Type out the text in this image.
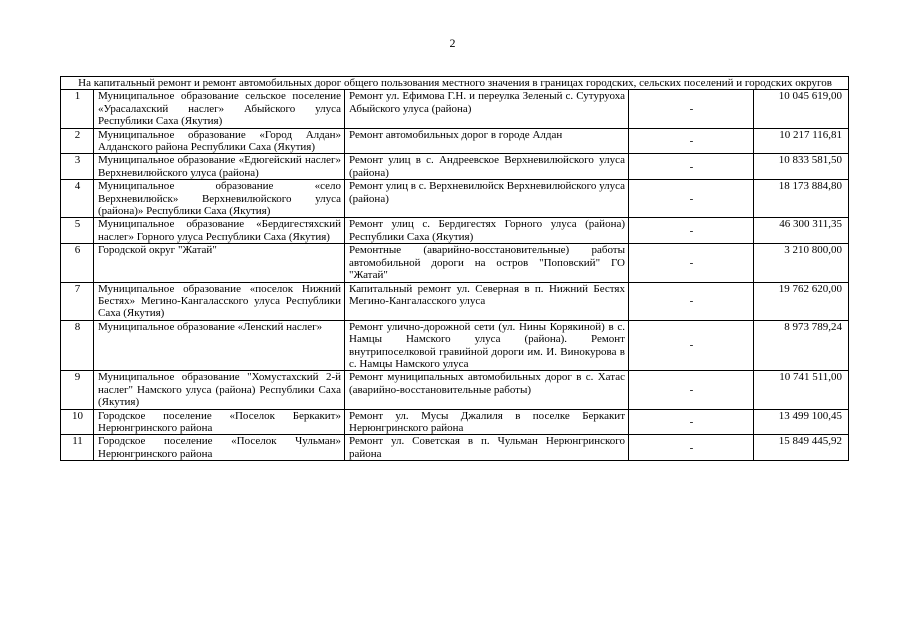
2
На капитальный ремонт и ремонт автомобильных дорог общего пользования местного значения в границах городских, сельских поселений и городских округов				
1	Муниципальное образование сельское поселение «Урасалахский наслег» Абыйского улуса Республики Саха (Якутия)	Ремонт ул. Ефимова Г.Н. и переулка Зеленый с. Сутуруоха Абыйского улуса (района)	-	10 045 619,00
2	Муниципальное образование «Город Алдан» Алданского района Республики Саха (Якутия)	Ремонт автомобильных дорог в городе Алдан	-	10 217 116,81
3	Муниципальное образование «Едюгейский наслег» Верхневилюйского улуса (района)	Ремонт улиц в с. Андреевское Верхневилюйского улуса (района)	-	10 833 581,50
4	Муниципальное образование «село Верхневилюйск» Верхневилюйского улуса (района)» Республики Саха (Якутия)	Ремонт улиц в с. Верхневилюйск Верхневилюйского улуса (района)	-	18 173 884,80
5	Муниципальное образование «Бердигестяхский наслег» Горного улуса Республики Саха (Якутия)	Ремонт улиц с. Бердигестях Горного улуса (района) Республики Саха (Якутия)	-	46 300 311,35
6	Городской округ "Жатай"	Ремонтные (аварийно-восстановительные) работы автомобильной дороги на остров "Поповский" ГО "Жатай"	-	3 210 800,00
7	Муниципальное образование «поселок Нижний Бестях» Мегино-Кангаласского улуса Республики Саха (Якутия)	Капитальный ремонт ул. Северная в п. Нижний Бестях Мегино-Кангаласского улуса	-	19 762 620,00
8	Муниципальное образование «Ленский наслег»	Ремонт улично-дорожной сети (ул. Нины Корякиной) в с. Намцы Намского улуса (района). Ремонт внутрипоселковой гравийной дороги им. И. Винокурова в с. Намцы Намского улуса	-	8 973 789,24
9	Муниципальное образование "Хомустахский 2-й наслег" Намского улуса (района) Республики Саха (Якутия)	Ремонт муниципальных автомобильных дорог в с. Хатас (аварийно-восстановительные работы)	-	10 741 511,00
10	Городское поселение «Поселок Беркакит» Нерюнгринского района	Ремонт ул. Мусы Джалиля в поселке Беркакит Нерюнгринского района	-	13 499 100,45
11	Городское поселение «Поселок Чульман» Нерюнгринского района	Ремонт ул. Советская в п. Чульман Нерюнгринского района	-	15 849 445,92
